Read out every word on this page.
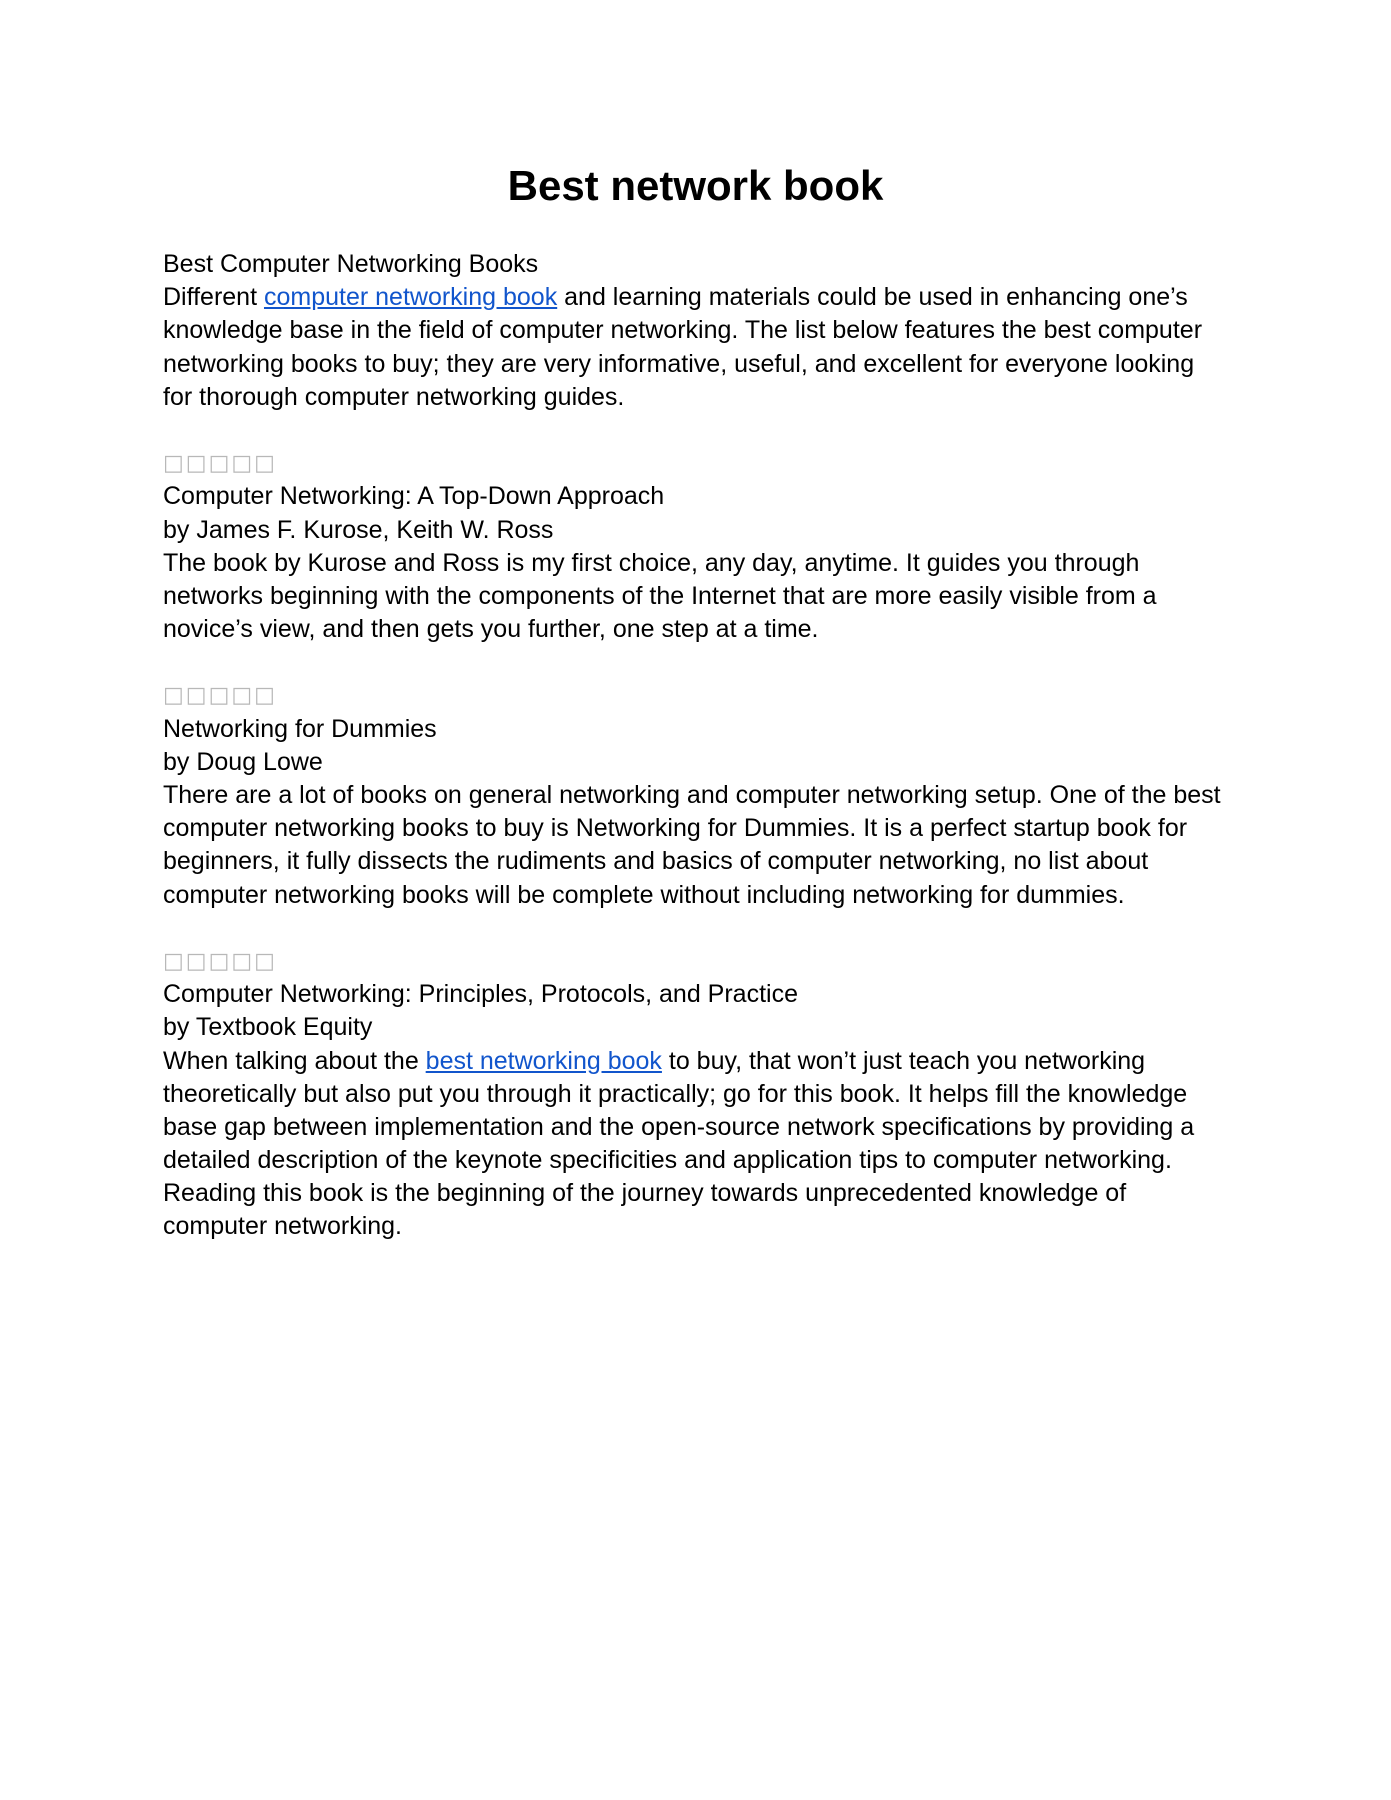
Best network book
Best Computer Networking Books
Different computer networking book and learning materials could be used in enhancing one’s
knowledge base in the field of computer networking. The list below features the best computer
networking books to buy; they are very informative, useful, and excellent for everyone looking
for thorough computer networking guides.
□□□□□
Computer Networking: A Top-Down Approach
by James F. Kurose, Keith W. Ross
The book by Kurose and Ross is my first choice, any day, anytime. It guides you through
networks beginning with the components of the Internet that are more easily visible from a
novice’s view, and then gets you further, one step at a time.
□□□□□
Networking for Dummies
by Doug Lowe
There are a lot of books on general networking and computer networking setup. One of the best
computer networking books to buy is Networking for Dummies. It is a perfect startup book for
beginners, it fully dissects the rudiments and basics of computer networking, no list about
computer networking books will be complete without including networking for dummies.
□□□□□
Computer Networking: Principles, Protocols, and Practice
by Textbook Equity
When talking about the best networking book to buy, that won’t just teach you networking
theoretically but also put you through it practically; go for this book. It helps fill the knowledge
base gap between implementation and the open-source network specifications by providing a
detailed description of the keynote specificities and application tips to computer networking.
Reading this book is the beginning of the journey towards unprecedented knowledge of
computer networking.
